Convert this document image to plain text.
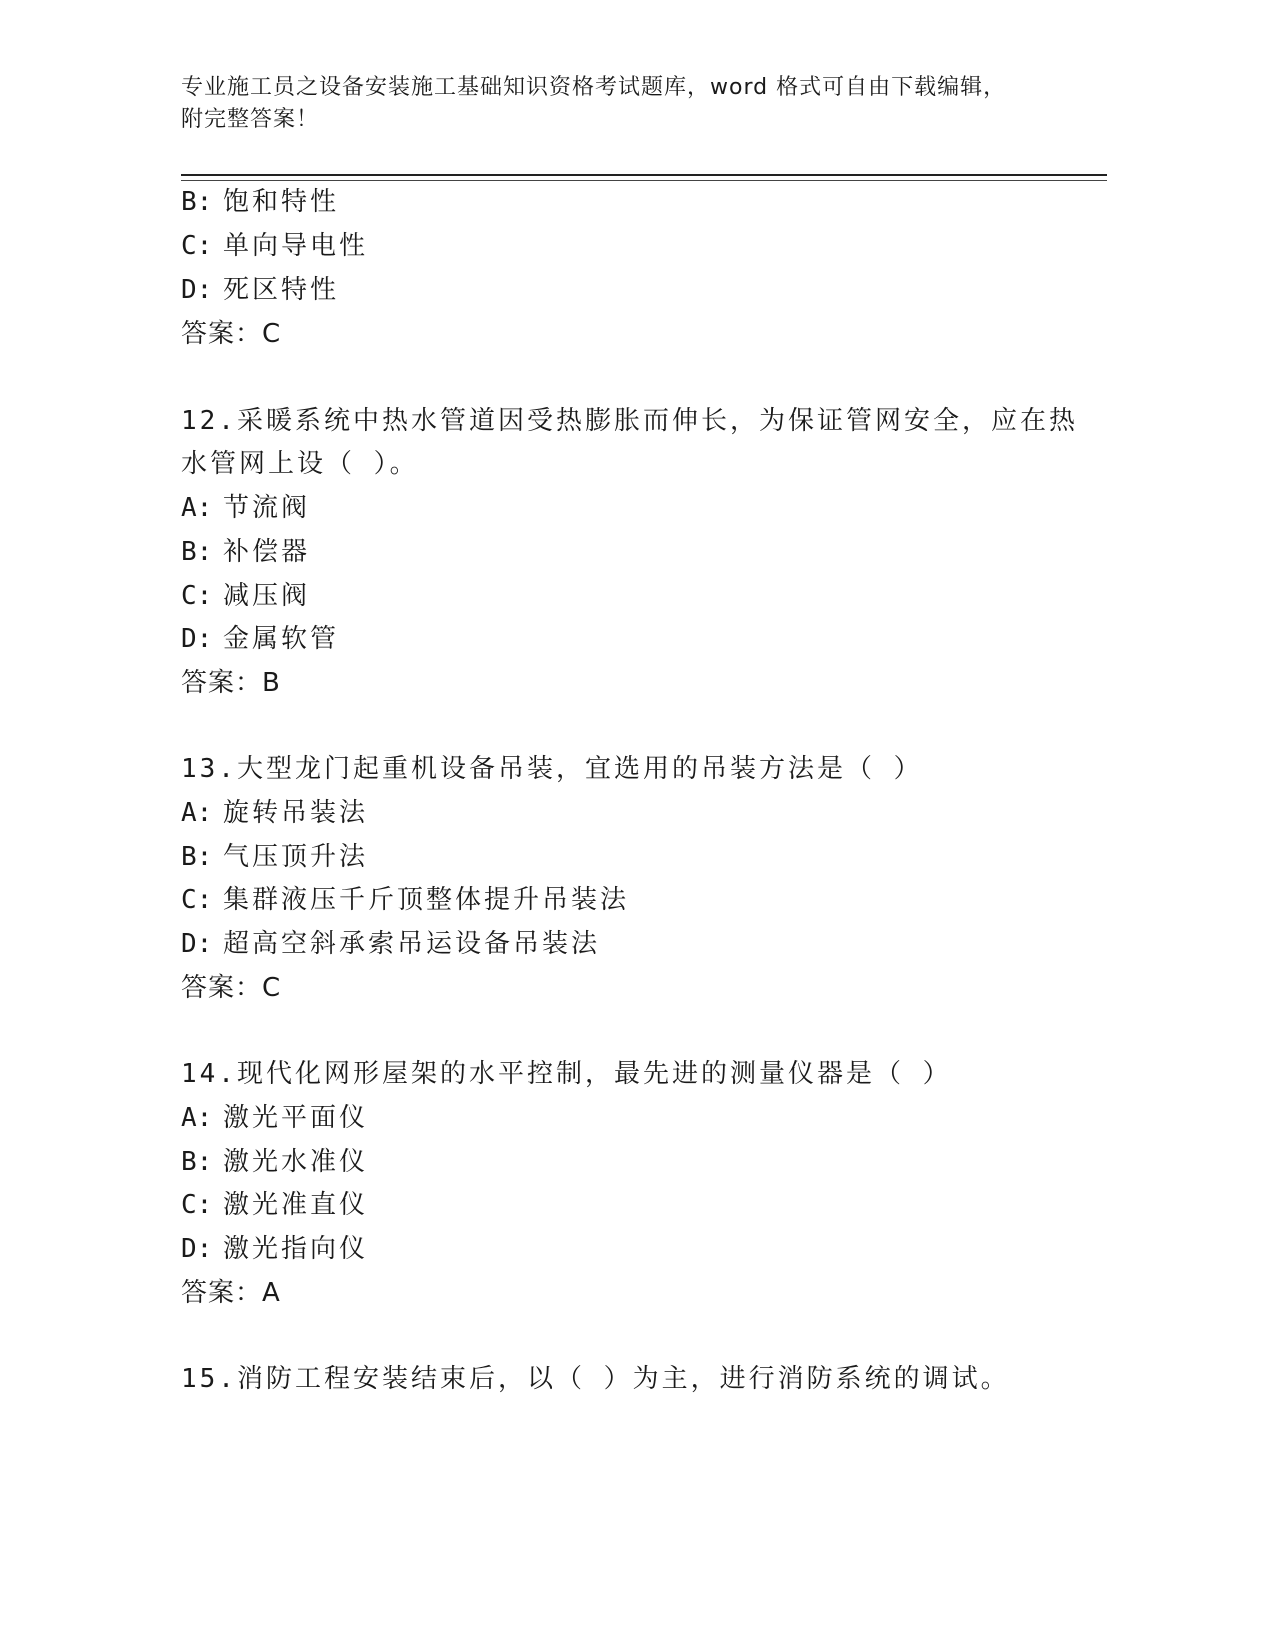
专业施工员之设备安装施工基础知识资格考试题库，word 格式可自由下载编辑，
附完整答案！
B: 饱和特性
C: 单向导电性
D: 死区特性
答案：C
12.采暖系统中热水管道因受热膨胀而伸长，为保证管网安全，应在热
水管网上设（ ）。
A: 节流阀
B: 补偿器
C: 减压阀
D: 金属软管
答案：B
13.大型龙门起重机设备吊装，宜选用的吊装方法是（ ）
A: 旋转吊装法
B: 气压顶升法
C: 集群液压千斤顶整体提升吊装法
D: 超高空斜承索吊运设备吊装法
答案：C
14.现代化网形屋架的水平控制，最先进的测量仪器是（ ）
A: 激光平面仪
B: 激光水准仪
C: 激光准直仪
D: 激光指向仪
答案：A
15.消防工程安装结束后，以（ ）为主，进行消防系统的调试。
